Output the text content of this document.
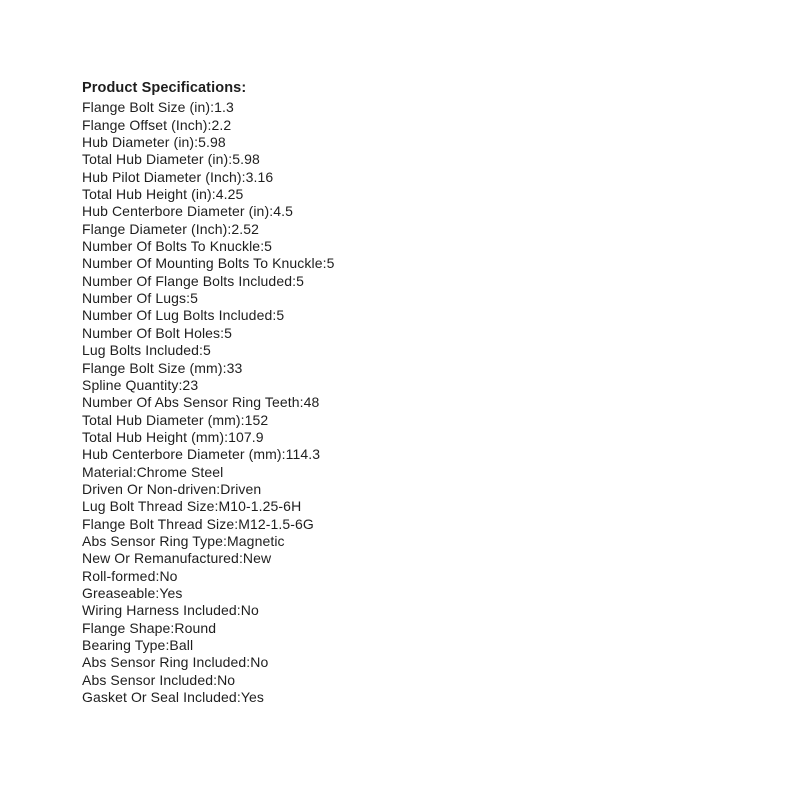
Product Specifications:
Flange Bolt Size (in):1.3
Flange Offset (Inch):2.2
Hub Diameter (in):5.98
Total Hub Diameter (in):5.98
Hub Pilot Diameter (Inch):3.16
Total Hub Height (in):4.25
Hub Centerbore Diameter (in):4.5
Flange Diameter (Inch):2.52
Number Of Bolts To Knuckle:5
Number Of Mounting Bolts To Knuckle:5
Number Of Flange Bolts Included:5
Number Of Lugs:5
Number Of Lug Bolts Included:5
Number Of Bolt Holes:5
Lug Bolts Included:5
Flange Bolt Size (mm):33
Spline Quantity:23
Number Of Abs Sensor Ring Teeth:48
Total Hub Diameter (mm):152
Total Hub Height (mm):107.9
Hub Centerbore Diameter (mm):114.3
Material:Chrome Steel
Driven Or Non-driven:Driven
Lug Bolt Thread Size:M10-1.25-6H
Flange Bolt Thread Size:M12-1.5-6G
Abs Sensor Ring Type:Magnetic
New Or Remanufactured:New
Roll-formed:No
Greaseable:Yes
Wiring Harness Included:No
Flange Shape:Round
Bearing Type:Ball
Abs Sensor Ring Included:No
Abs Sensor Included:No
Gasket Or Seal Included:Yes
